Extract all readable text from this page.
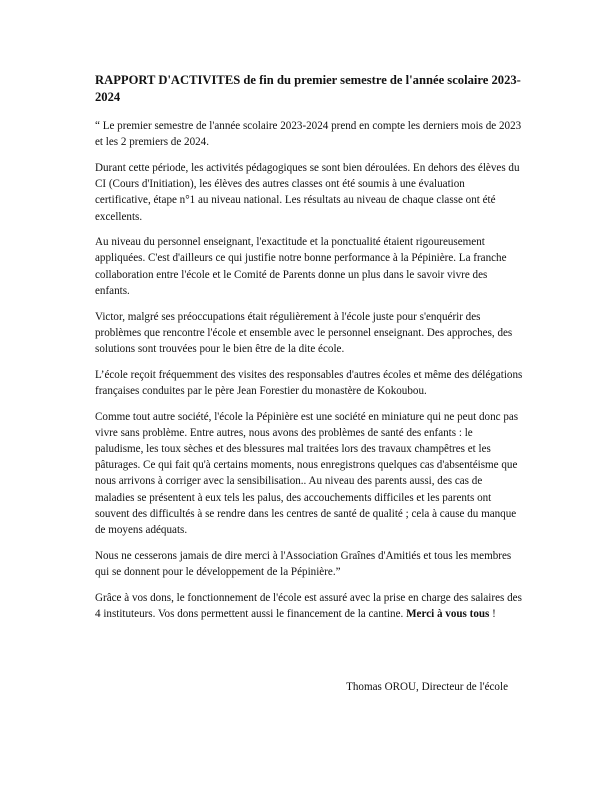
RAPPORT D'ACTIVITES de fin du premier semestre de l'année scolaire 2023-2024

“ Le premier semestre de l'année scolaire 2023-2024 prend en compte les derniers mois de 2023 et les 2 premiers de 2024.

Durant cette période, les activités pédagogiques se sont bien déroulées. En dehors des élèves du CI (Cours d'Initiation), les élèves des autres classes ont été soumis à une évaluation certificative, étape n°1 au niveau national. Les résultats au niveau de chaque classe ont été excellents.

Au niveau du personnel enseignant, l'exactitude et la ponctualité étaient rigoureusement appliquées. C'est d'ailleurs ce qui justifie notre bonne performance à la Pépinière. La franche collaboration entre l'école et le Comité de Parents donne un plus dans le savoir vivre des enfants.

Victor, malgré ses préoccupations était régulièrement à l'école juste pour s'enquérir des problèmes que rencontre l'école et ensemble avec le personnel enseignant. Des approches, des solutions sont trouvées pour le bien être de la dite école.

L’école reçoit fréquemment des visites des responsables d'autres écoles et même des délégations françaises conduites par le père Jean Forestier du monastère de Kokoubou.

Comme tout autre société, l'école la Pépinière est une société en miniature qui ne peut donc pas vivre sans problème. Entre autres, nous avons des problèmes de santé des enfants : le paludisme, les toux sèches et des blessures mal traitées lors des travaux champêtres et les pâturages. Ce qui fait qu'à certains moments, nous enregistrons quelques cas d'absentéisme que nous arrivons à corriger avec la sensibilisation.. Au niveau des parents aussi, des cas de maladies se présentent à eux tels les palus, des accouchements difficiles et les parents ont souvent des difficultés à se rendre dans les centres de santé de qualité ; cela à cause du manque de moyens adéquats.

Nous ne cesserons jamais de dire merci à l'Association Graînes d'Amitiés et tous les membres qui se donnent pour le développement de la Pépinière.”

Grâce à vos dons, le fonctionnement de l'école est assuré avec la prise en charge des salaires des 4 instituteurs. Vos dons permettent aussi le financement de la cantine. Merci à vous tous !

Thomas OROU, Directeur de l'école
